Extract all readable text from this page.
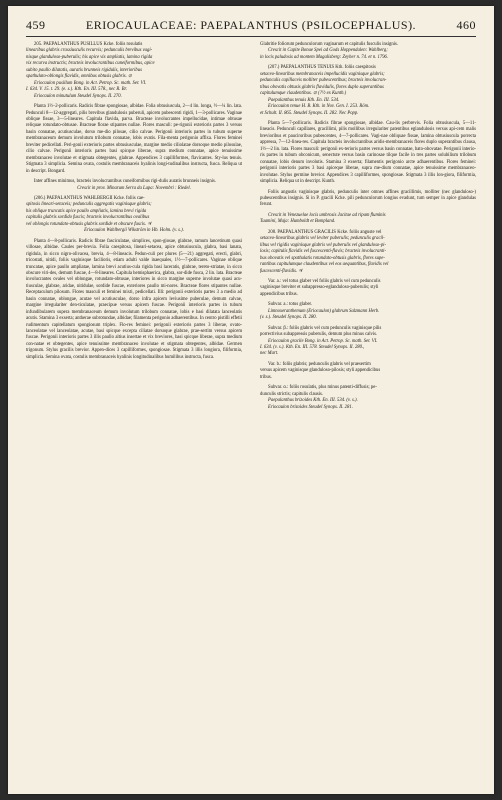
459	ERIOCAULACEAE: PAEPALANTHUS (PSILOCEPHALUS).	460

205. PAEPALANTHUS PUSILLUS Kcke. foliis rosulatis

linearibus glabris crassiusculis recurvis; pedunculis brevibus vagi-

nisque glanduloso-puberulis; his apice vix ampliatis, lamina rigida

vix recurva instructis; bracteis involucrantibus cuneiformibus, apice

subito paullo dilatatis, auratis brunneis rigidulis, interioribus

spathulato-oblongis flavidis, omnibus obtusis glabris. ⊙

Eriocaulon pusillum Bong. in Act. Petrop. Sc. math. Ser. VI.

I. 634. V. 15. t. 29. (e. s.). Kth. En. III. 578., nec R. Br.

Eriocaulon minutulum Steudel Synops. II. 270.

Planta 1½–2-pollicaris. Radicis fibrae spongiosae, albidae. Folia obtusiuscula, 2—4 lin. longa, ½—¼ lin. lata. Pedunculi 8—12-aggregati, pilis brevibus glandulosis puberuli, apicem pubescenti rigidi, 1—3-pollicares. Vaginae oblique fissae, 3—5-lineares. Capitula flavida, parva. Bracteae involucrantes impellucidae, intimae obtusae reliquae rotundato-obtusae. Bracteae florae stipantes nullae. Flores masculi: pe-rigonii exterioris partes 3 versus basin connatae, acutiusculae, dorso me-dio pilosae, cilio calvae. Perigonii interioris partes in tubum superne membranaceum demum involutum trilobum connatae, lobis ovatis. Fila-menta perigonio affixa. Flores feminei breviter pedicellati. Peri-gonii exterioris partes obtusiusculae, margine medio ciliolatae dorsoque medio pilosulae, cilio calvae. Perigonii interioris partes basi spicque liberae, supra medium connatae, apice tenuissime membranaceo involutae et stigmata obtegentes, glabrae. Appendices 3 capilliformes, flavicantes. Sty-lus tenuis. Stigmata 3 simplicia. Semina ovata, costulis membranaceis hyalinis longi-tudinalibus instructa, fusca. Reliqua ut in descript. Bongard.

Inter affines minimus, bracteis involucrantibus cuneiformibus rigi-dulis auratis brunneis insignis.

Crescit in prov. Minarum Serra da Lapa: Novembri : Riedel.

(206.) PAEPALANTHUS WAHLBERGII Kcke. foliis cae-

spitosis lineari-setaceis; pedunculis aggregatis vaginisque glabris;

his oblique truncatis apice paullo ampliatis, lamina brevi rigida

capitulis glabris sordido fuscis; bracteis involucrantibus ovalibus

vel oblongis rotundato-obtusis glabris sordide et obscure fuscis. ♃

Eriocaulon Wahlbergii Wikström in Hb. Holm. (v. s.).

Planta 4—8-pollicaris. Radicis fibrae fasciculatae, simplices, spon-giosae, glabrae, ramum lancetinum quasi villosae, albidae. Caules per-brevia. Folia caespitosa, lineari-setacea, apice obtusiuscula, glabra, basi lanata, rigidula, in sicco nigro-olivacea, brevia, 4—8-lineacis. Pedun-culi per plures (5—21) aggregati, erecti, glabri, tricostati, nitidi, foliis vaginisque facilioris, etiam adulti valde inaequales, 1½—7-pollicares. Vaginae oblique truncatae, apice paullo ampliatae, lamina brevi acutius-cula rigida basi laceratis, glabrae, tereto-striatae, in sicco obscure viri-des, demum fuscae, 4—8-lineares. Capitula hemisphaerica, glabra, sor-dide fusca, 2 lin. lata. Bracteae involucrantes ovales vel oblongae, rotundato-obtusae, interiores in sicco margine superne involutae quasi acu-tiusculae, glabrae, aridae, nitidulae, sordide fuscae, exteriores paullo mi-nores. Bracteae flores stipantes nullae. Receptaculum pilosum. Flores masculi et feminei mixti, pedicellati. Illi: perigonii exterioris partes 3 a medio ad basin connatae, oblongae, acutae vel acutiusculae, dorso infra apicem leviusime puberulae, demum calvae, margine irregulariter den-ticulatae, praecipue versus apicem fuscae. Perigonii interioris partes in tubum infundibularem supera membranaceum demum involutum trilobum connatae, lobis e basi dilatata lanceolatis acutis. Stamina 3 exserta; antherae subrotundae, albidae; filamenta perigonio adhaerentibus. In centro pistilli effetii rudimentum capitellatum spongiosum triplex. Flo-res feminei: perigonii exterioris partes 3 liberae, ovato-lanceolatae vel lanceolatae, acutae, basi spicque excepta ciliatae dorsoque glabrae, prae-sertim versus apicem fuscae. Perigonii interioris partes 3 illis paullo altius insertae et vix breviores, basi spicque liberae, supra medium con-natae et obtegentes, apice tenuissime membranaceo involutae et stigmata obtegentes, albidae. Germen trigonum. Stylus gracilis brevior. Appen-dices 3 capilliformes, spongiosae. Stigmata 3 illis longiora, filiformia, simplicia. Semina ovata, costulis membranaceis hyalinis longitudinalibus humilibus instructa, fusca.

Glabritie foliorum pedunculorum vaginarum et capitulis fusculis insignis.

Crescit in Capite Bonae Spei ad Gods Hoppendalen: Wahlberg;

in locis paludosis ad montem Magalisberg: Zeyher n. 74. et n. 1796.

(207.) PAEPALANTHUS TENUIS Kth. foliis caespitosis

setaceo-linearibus membranaceis impellucidis vaginisque glabris;

pedunculis capillaceis molliter pubescentibus; bracteis involucran-

tibus obovatis obtusis glabris flavidulis, flores duplo superantibus

capitulumque claudentibus. ⊙ (?½ ex Kunth.)

Paepalanthus tenuis Kth. En. III. 534.

Eriocaulon tenue H. B. Kth. in Nov. Gen. I. 253. Röm.

et Schult. II. 865. Steudel Synops. II. 282. Nec Popp.

Planta 5—7-pollicaris. Radicis fibrae spongiosae, albidae. Cau-lis perbrevis. Folia obtusiuscula, 5—11-lineacis. Pedunculi capillares, gracillimi, pilis mollibus irregulariter patentibus eglandulosis versus api-cem malis brevioribus et pauciroribus pubescentes, 4—7-pollicares. Vagi-nae obliquae fissae, lamina obtusiuscula porrecta appressa, 7—12-linea-res. Capitula bracteis involucrantibus aridis-membranaceis flores duplo superantibus clausa, 1½—2 lin. lata. Flores masculi: perigonii ex-terioris partes versus basin connatae, bato-obovatae. Perigonii interio-ris partes in tubum obconicum, senectute versus basin carinosae tilque facile in tres partes solubilium trilobum connatae, lobis denum involutis. Stamina 3 exserta; filamentis perigonio arcte adhaerentibus. Flores feminei: perigonii interioris partes 3 basi apiceque liberae, supra me-dium connatae, apice tenuissime membranaceo-involutae. Stylus germine brevior. Appendices 3 capilliformes, spongiosae. Stigmata 3 illis lon-giora, filiformia, simplicia. Reliqua ut in descript. Kunth.

Foliis angustis vaginisque glabris, pedunculis inter omnes affines gracillimis, molliter (nec glanduloso-) pubescentibus insignis. Si in P. gracili Kcke. pili pedunculorum longius evadunt, tum semper in apice glandulas ferunt.

Crescit in Venezuelae locis umbrosis Jacitae ad ripam fluminis

Tuamini, Maja: Humboldt et Bompland.

208. PAEPALANTHUS GRACILIS Kcke. foliis anguste vel

setaceo-linearibus glabris vel leviter puberulis; pedunculis gracil-

libus vel rigidis vaginisque glabris vel puberulis vel glanduloso-pi-

losis; capitulis flavidis vel fuscescenti-flavis; bracteis involucranti-

bus obovatis vel spathulatis rotundato-obtusis glabris, flores supe-

rantibus capitulumque claudentibus vel eos aequantibus, flavidis vel

fuscescenti-flavidis. ♃

Var. a.: vel totus glaber vel foliis glabris vel cum pedunculis

vaginisque breviter et subappresso-eglanduloso-puberulis; styli

appendicibus tribus.

Subvar. a.: totus glaber.

Limnoxeranthemum (Eriocaulon) glabrum Salzmann Herb.

(v. s.). Steudel Synops. II. 280.

Subvar. β.: foliis glabris vel cum pedunculis vaginisque pilis

porrectivius subappressis puberulis, demum plus minus calvis.

Eriocaulon gracile Bong. in Act. Petrop. Sc. math. Ser. VI.

I. 634. (v. s.). Kth. En. III. 578. Steudel Synops. II. 280.,

nec Mart.

Var. b.: foliis glabris; pedunculis glabris vel praesertim

versus apicem vaginisque glanduloso-pilosis; styli appendicibus

tribus.

Subvar. α.: foliis rosulatis, plus minus patenti-diffusis; pe-

dunculis strictis; capitulis clausis.

Paepalanthus brizoides Kth. En. III. 534. (v. s.).

Eriocaulon brizoides Steudel Synops. II. 281.
